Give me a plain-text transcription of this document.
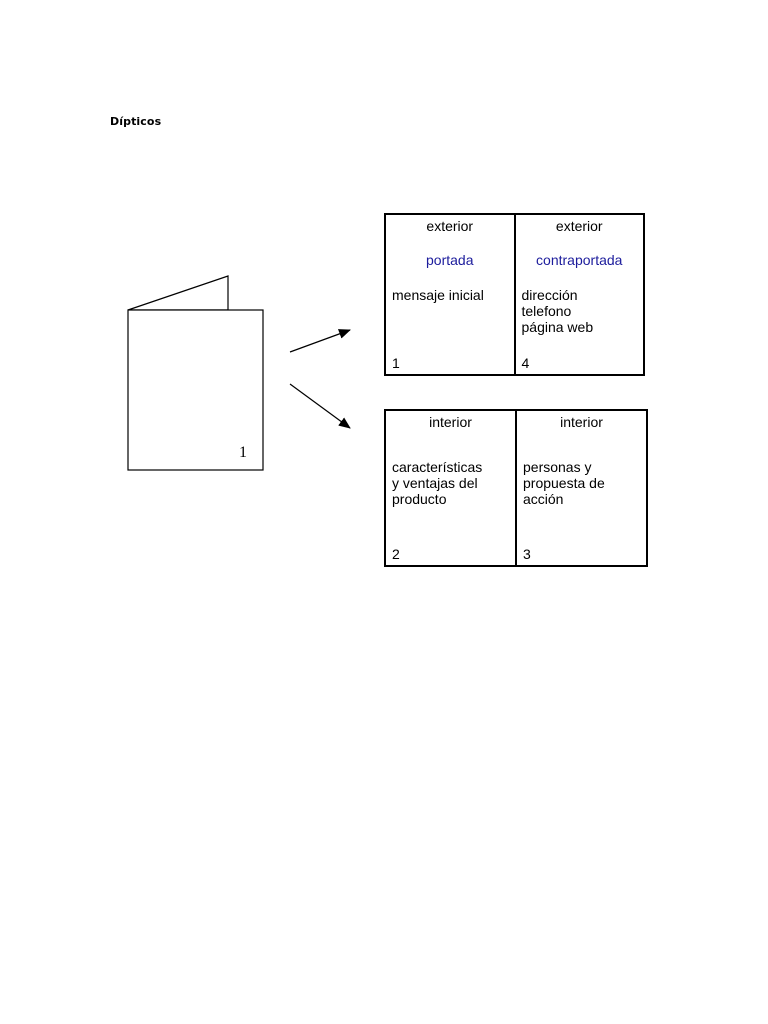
Dípticos
1
exterior
portada
mensaje inicial
1
exterior
contraportada
dirección
telefono
página web
4
interior
características
y ventajas del
producto
2
interior
personas y
propuesta de
acción
3
